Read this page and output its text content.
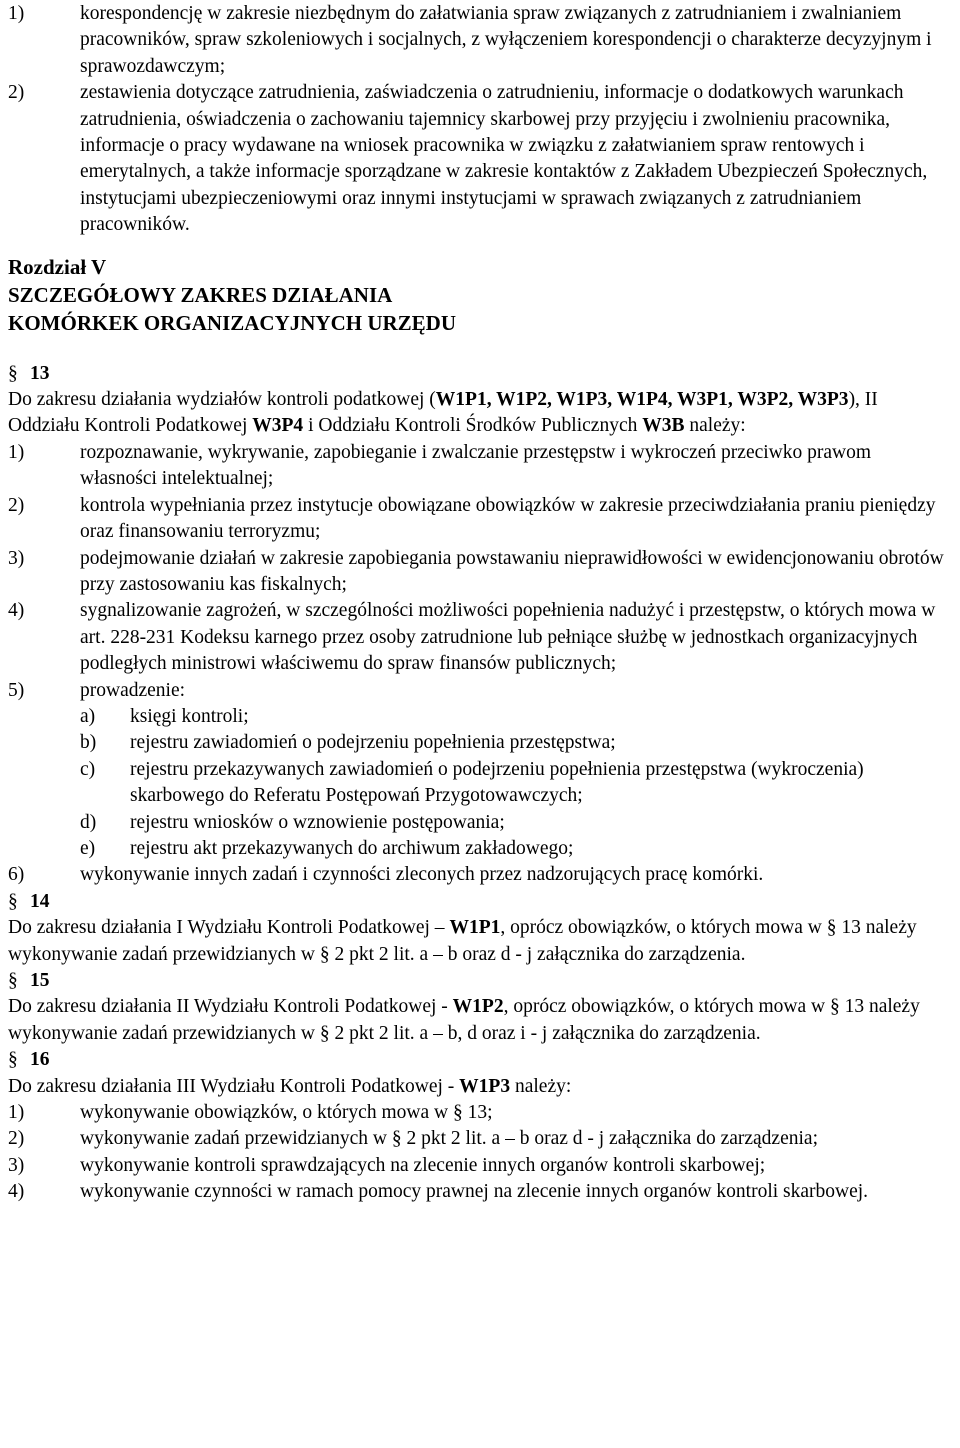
1)	korespondencję w zakresie niezbędnym do załatwiania spraw związanych z zatrudnianiem i zwalnianiem pracowników, spraw szkoleniowych i socjalnych, z wyłączeniem korespondencji o charakterze decyzyjnym i sprawozdawczym;
2)	zestawienia dotyczące zatrudnienia, zaświadczenia o zatrudnieniu, informacje o dodatkowych warunkach zatrudnienia, oświadczenia o zachowaniu tajemnicy skarbowej przy przyjęciu i zwolnieniu pracownika, informacje o pracy wydawane na wniosek pracownika w związku z załatwianiem spraw rentowych i emerytalnych, a także informacje sporządzane w zakresie kontaktów z Zakładem Ubezpieczeń Społecznych, instytucjami ubezpieczeniowymi oraz innymi instytucjami w sprawach związanych z zatrudnianiem pracowników.
Rozdział V
SZCZEGÓŁOWY ZAKRES DZIAŁANIA
KOMÓRKEK ORGANIZACYJNYCH URZĘDU
§ 13

Do zakresu działania wydziałów kontroli podatkowej (W1P1, W1P2, W1P3, W1P4, W3P1, W3P2, W3P3), II Oddziału Kontroli Podatkowej W3P4 i Oddziału Kontroli Środków Publicznych W3B należy:

1)	rozpoznawanie, wykrywanie, zapobieganie i zwalczanie przestępstw i wykroczeń przeciwko prawom własności intelektualnej;
2)	kontrola wypełniania przez instytucje obowiązane obowiązków w zakresie przeciwdziałania praniu pieniędzy oraz finansowaniu terroryzmu;
3)	podejmowanie działań w zakresie zapobiegania powstawaniu nieprawidłowości w ewidencjonowaniu obrotów przy zastosowaniu kas fiskalnych;
4)	sygnalizowanie zagrożeń, w szczególności możliwości popełnienia nadużyć i przestępstw, o których mowa w art. 228-231 Kodeksu karnego przez osoby zatrudnione lub pełniące służbę w jednostkach organizacyjnych podległych ministrowi właściwemu do spraw finansów publicznych;
5)	prowadzenie:
a)	księgi kontroli;
b)	rejestru zawiadomień o podejrzeniu popełnienia przestępstwa;
c)	rejestru przekazywanych zawiadomień o podejrzeniu popełnienia przestępstwa (wykroczenia) skarbowego do Referatu Postępowań Przygotowawczych;
d)	rejestru wniosków o wznowienie postępowania;
e)	rejestru akt przekazywanych do archiwum zakładowego;
6)	wykonywanie innych zadań i czynności zleconych przez nadzorujących pracę komórki.
§ 14

Do zakresu działania I Wydziału Kontroli Podatkowej – W1P1, oprócz obowiązków, o których mowa w § 13 należy wykonywanie zadań przewidzianych w § 2 pkt 2 lit. a – b oraz d - j załącznika do zarządzenia.

§ 15

Do zakresu działania II Wydziału Kontroli Podatkowej - W1P2, oprócz obowiązków, o których mowa w § 13 należy wykonywanie zadań przewidzianych w § 2 pkt 2 lit. a – b, d oraz i - j załącznika do zarządzenia.

§ 16

Do zakresu działania III Wydziału Kontroli Podatkowej - W1P3 należy:

1)	wykonywanie obowiązków, o których mowa w § 13;
2)	wykonywanie zadań przewidzianych w § 2 pkt 2 lit. a – b oraz d - j załącznika do zarządzenia;
3)	wykonywanie kontroli sprawdzających na zlecenie innych organów kontroli skarbowej;
4)	wykonywanie czynności w ramach pomocy prawnej na zlecenie innych organów kontroli skarbowej.
